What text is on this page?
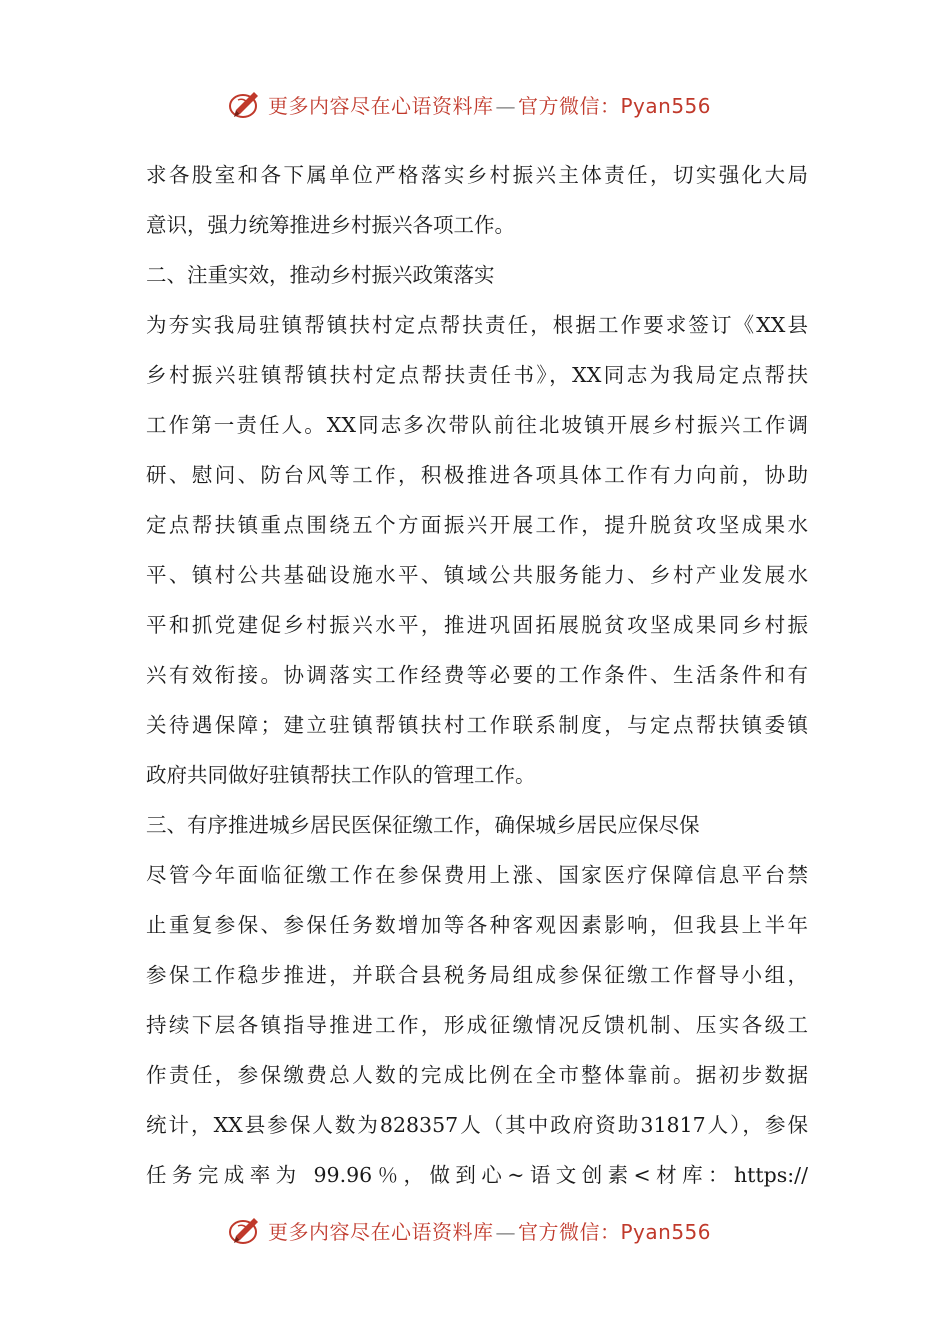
更多内容尽在心语资料库 — 官方微信：Pyan556
求各股室和各下属单位严格落实乡村振兴主体责任，切实强化大局
意识，强力统筹推进乡村振兴各项工作。
二、注重实效，推动乡村振兴政策落实
为夯实我局驻镇帮镇扶村定点帮扶责任，根据工作要求签订《XX县
乡村振兴驻镇帮镇扶村定点帮扶责任书》，XX同志为我局定点帮扶
工作第一责任人。XX同志多次带队前往北坡镇开展乡村振兴工作调
研、慰问、防台风等工作，积极推进各项具体工作有力向前，协助
定点帮扶镇重点围绕五个方面振兴开展工作，提升脱贫攻坚成果水
平、镇村公共基础设施水平、镇域公共服务能力、乡村产业发展水
平和抓党建促乡村振兴水平，推进巩固拓展脱贫攻坚成果同乡村振
兴有效衔接。协调落实工作经费等必要的工作条件、生活条件和有
关待遇保障；建立驻镇帮镇扶村工作联系制度，与定点帮扶镇委镇
政府共同做好驻镇帮扶工作队的管理工作。
三、有序推进城乡居民医保征缴工作，确保城乡居民应保尽保
尽管今年面临征缴工作在参保费用上涨、国家医疗保障信息平台禁
止重复参保、参保任务数增加等各种客观因素影响，但我县上半年
参保工作稳步推进，并联合县税务局组成参保征缴工作督导小组，
持续下层各镇指导推进工作，形成征缴情况反馈机制、压实各级工
作责任，参保缴费总人数的完成比例在全市整体靠前。据初步数据
统计，XX县参保人数为828357人（其中政府资助31817人），参保
任务完成率为 99.96％，做到心~语文创素<材库：https://
更多内容尽在心语资料库 — 官方微信：Pyan556
